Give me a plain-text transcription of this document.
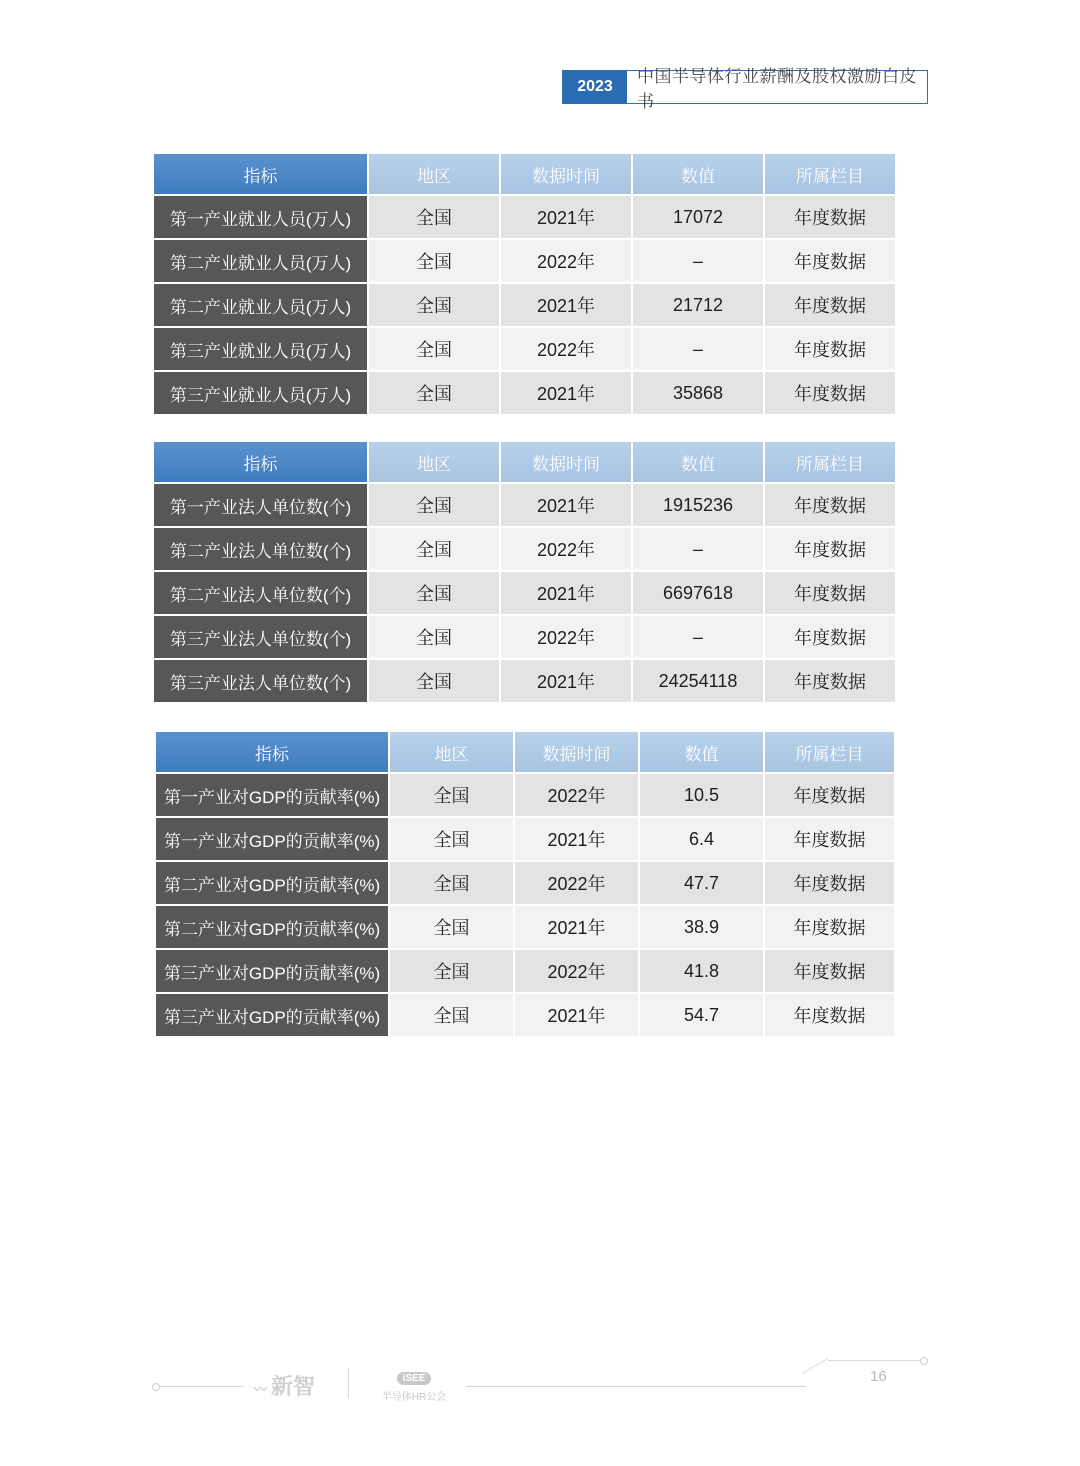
2023
中国半导体行业薪酬及股权激励白皮书
指标	地区	数据时间	数值	所属栏目
第一产业就业人员(万人)	全国	2021年	17072	年度数据
第二产业就业人员(万人)	全国	2022年	–	年度数据
第二产业就业人员(万人)	全国	2021年	21712	年度数据
第三产业就业人员(万人)	全国	2022年	–	年度数据
第三产业就业人员(万人)	全国	2021年	35868	年度数据
指标	地区	数据时间	数值	所属栏目
第一产业法人单位数(个)	全国	2021年	1915236	年度数据
第二产业法人单位数(个)	全国	2022年	–	年度数据
第二产业法人单位数(个)	全国	2021年	6697618	年度数据
第三产业法人单位数(个)	全国	2022年	–	年度数据
第三产业法人单位数(个)	全国	2021年	24254118	年度数据
指标	地区	数据时间	数值	所属栏目
第一产业对GDP的贡献率(%)	全国	2022年	10.5	年度数据
第一产业对GDP的贡献率(%)	全国	2021年	6.4	年度数据
第二产业对GDP的贡献率(%)	全国	2022年	47.7	年度数据
第二产业对GDP的贡献率(%)	全国	2021年	38.9	年度数据
第三产业对GDP的贡献率(%)	全国	2022年	41.8	年度数据
第三产业对GDP的贡献率(%)	全国	2021年	54.7	年度数据
〰 新智	iSEE
半导体HR公会
16
